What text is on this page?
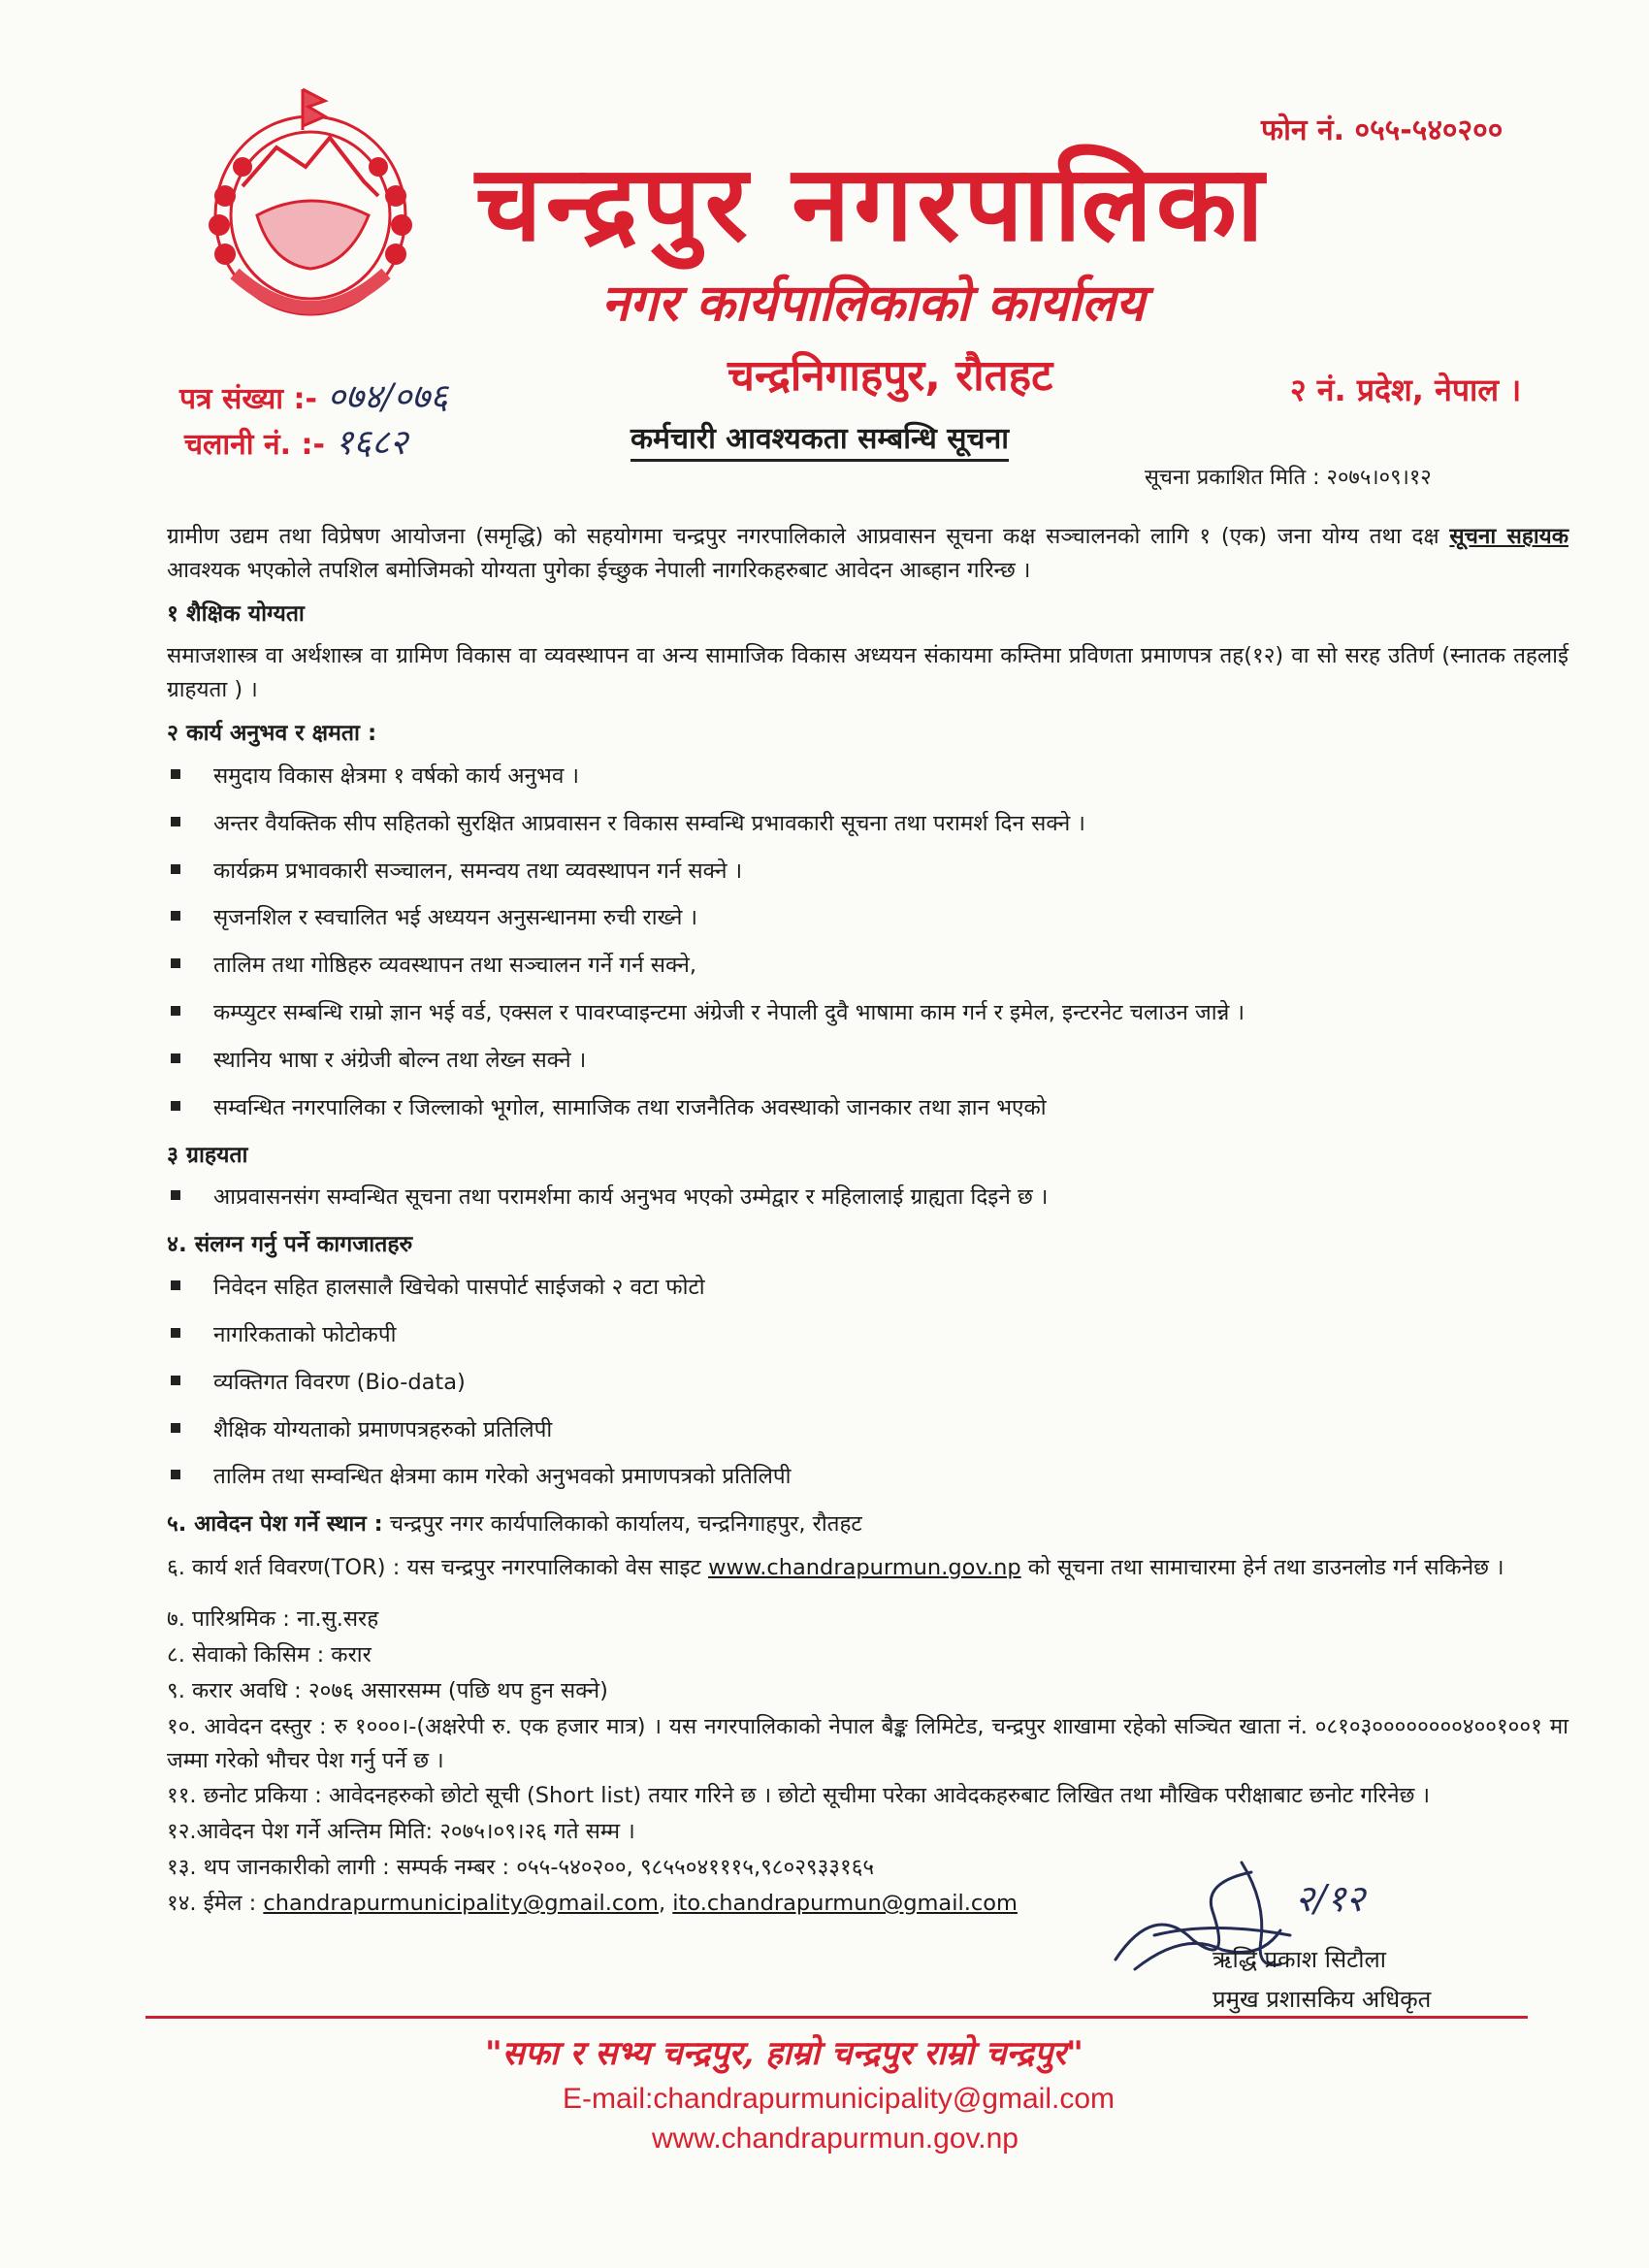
फोन नं. ०५५-५४०२००
चन्द्रपुर नगरपालिका
नगर कार्यपालिकाको कार्यालय
चन्द्रनिगाहपुर, रौतहट	२ नं. प्रदेश, नेपाल ।
पत्र संख्या :- ०७४/०७६
चलानी नं. :- १६८२	कर्मचारी आवश्यकता सम्बन्धि सूचना
सूचना प्रकाशित मिति : २०७५।०९।१२

ग्रामीण उद्यम तथा विप्रेषण आयोजना (समृद्धि) को सहयोगमा चन्द्रपुर नगरपालिकाले आप्रवासन सूचना कक्ष सञ्चालनको लागि १ (एक) जना योग्य तथा दक्ष सूचना सहायक आवश्यक भएकोले तपशिल बमोजिमको योग्यता पुगेका ईच्छुक नेपाली नागरिकहरुबाट आवेदन आब्हान गरिन्छ ।

१ शैक्षिक योग्यता

समाजशास्त्र वा अर्थशास्त्र वा ग्रामिण विकास वा व्यवस्थापन वा अन्य सामाजिक विकास अध्ययन संकायमा कम्तिमा प्रविणता प्रमाणपत्र तह(१२) वा सो सरह उतिर्ण (स्नातक तहलाई ग्राहयता ) ।

२ कार्य अनुभव र क्षमता :
समुदाय विकास क्षेत्रमा १ वर्षको कार्य अनुभव ।
अन्तर वैयक्तिक सीप सहितको सुरक्षित आप्रवासन र विकास सम्वन्धि प्रभावकारी सूचना तथा परामर्श दिन सक्ने ।
कार्यक्रम प्रभावकारी सञ्चालन, समन्वय तथा व्यवस्थापन गर्न सक्ने ।
सृजनशिल र स्वचालित भई अध्ययन अनुसन्धानमा रुची राख्ने ।
तालिम तथा गोष्ठिहरु व्यवस्थापन तथा सञ्चालन गर्ने गर्न सक्ने,
कम्प्युटर सम्बन्धि राम्रो ज्ञान भई वर्ड, एक्सल र पावरप्वाइन्टमा अंग्रेजी र नेपाली दुवै भाषामा काम गर्न र इमेल, इन्टरनेट चलाउन जान्ने ।
स्थानिय भाषा र अंग्रेजी बोल्न तथा लेख्न सक्ने ।
सम्वन्धित नगरपालिका र जिल्लाको भूगोल, सामाजिक तथा राजनैतिक अवस्थाको जानकार तथा ज्ञान भएको
३ ग्राहयता
आप्रवासनसंग सम्वन्धित सूचना तथा परामर्शमा कार्य अनुभव भएको उम्मेद्वार र महिलालाई ग्राह्यता दिइने छ ।
४. संलग्न गर्नु पर्ने कागजातहरु
निवेदन सहित हालसालै खिचेको पासपोर्ट साईजको २ वटा फोटो
नागरिकताको फोटोकपी
व्यक्तिगत विवरण (Bio-data)
शैक्षिक योग्यताको प्रमाणपत्रहरुको प्रतिलिपी
तालिम तथा सम्वन्धित क्षेत्रमा काम गरेको अनुभवको प्रमाणपत्रको प्रतिलिपी

५. आवेदन पेश गर्ने स्थान : चन्द्रपुर नगर कार्यपालिकाको कार्यालय, चन्द्रनिगाहपुर, रौतहट

६. कार्य शर्त विवरण(TOR) : यस चन्द्रपुर नगरपालिकाको वेस साइट www.chandrapurmun.gov.np को सूचना तथा सामाचारमा हेर्न तथा डाउनलोड गर्न सकिनेछ ।

७. पारिश्रमिक : ना.सु.सरह

८. सेवाको किसिम : करार

९. करार अवधि : २०७६ असारसम्म (पछि थप हुन सक्ने)

१०. आवेदन दस्तुर : रु १०००।-(अक्षरेपी रु. एक हजार मात्र) । यस नगरपालिकाको नेपाल बैङ्क लिमिटेड, चन्द्रपुर शाखामा रहेको सञ्चित खाता नं. ०८१०३००००००००४००१००१ मा जम्मा गरेको भौचर पेश गर्नु पर्ने छ ।

११. छनोट प्रकिया : आवेदनहरुको छोटो सूची (Short list) तयार गरिने छ । छोटो सूचीमा परेका आवेदकहरुबाट लिखित तथा मौखिक परीक्षाबाट छनोट गरिनेछ ।

१२.आवेदन पेश गर्ने अन्तिम मिति: २०७५।०९।२६ गते सम्म ।

१३. थप जानकारीको लागी : सम्पर्क नम्बर : ०५५-५४०२००, ९८५५०४१११५,९८०२९३३१६५

१४. ईमेल : chandrapurmunicipality@gmail.com, ito.chandrapurmun@gmail.com	२/१२
ऋद्धि प्रकाश सिटौला
प्रमुख प्रशासकिय अधिकृत
"सफा र सभ्य चन्द्रपुर, हाम्रो चन्द्रपुर राम्रो चन्द्रपुर"
E-mail:chandrapurmunicipality@gmail.com
www.chandrapurmun.gov.np
